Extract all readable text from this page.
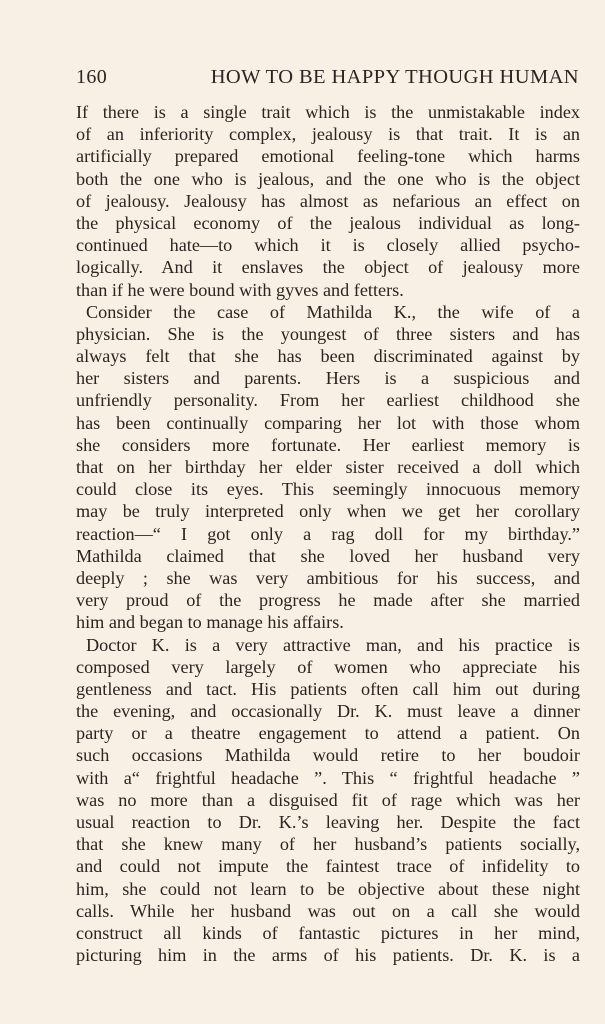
160	HOW TO BE HAPPY THOUGH HUMAN
If there is a single trait which is the unmistakable index
of an inferiority complex, jealousy is that trait. It is an
artificially prepared emotional feeling-tone which harms
both the one who is jealous, and the one who is the object
of jealousy. Jealousy has almost as nefarious an effect on
the physical economy of the jealous individual as long-
continued hate—to which it is closely allied psycho-
logically. And it enslaves the object of jealousy more
than if he were bound with gyves and fetters.
Consider the case of Mathilda K., the wife of a
physician. She is the youngest of three sisters and has
always felt that she has been discriminated against by
her sisters and parents. Hers is a suspicious and
unfriendly personality. From her earliest childhood she
has been continually comparing her lot with those whom
she considers more fortunate. Her earliest memory is
that on her birthday her elder sister received a doll which
could close its eyes. This seemingly innocuous memory
may be truly interpreted only when we get her corollary
reaction—“ I got only a rag doll for my birthday.”
Mathilda claimed that she loved her husband very
deeply ; she was very ambitious for his success, and
very proud of the progress he made after she married
him and began to manage his affairs.
Doctor K. is a very attractive man, and his practice is
composed very largely of women who appreciate his
gentleness and tact. His patients often call him out during
the evening, and occasionally Dr. K. must leave a dinner
party or a theatre engagement to attend a patient. On
such occasions Mathilda would retire to her boudoir
with a“ frightful headache ”. This “ frightful headache ”
was no more than a disguised fit of rage which was her
usual reaction to Dr. K.’s leaving her. Despite the fact
that she knew many of her husband’s patients socially,
and could not impute the faintest trace of infidelity to
him, she could not learn to be objective about these night
calls. While her husband was out on a call she would
construct all kinds of fantastic pictures in her mind,
picturing him in the arms of his patients. Dr. K. is a
